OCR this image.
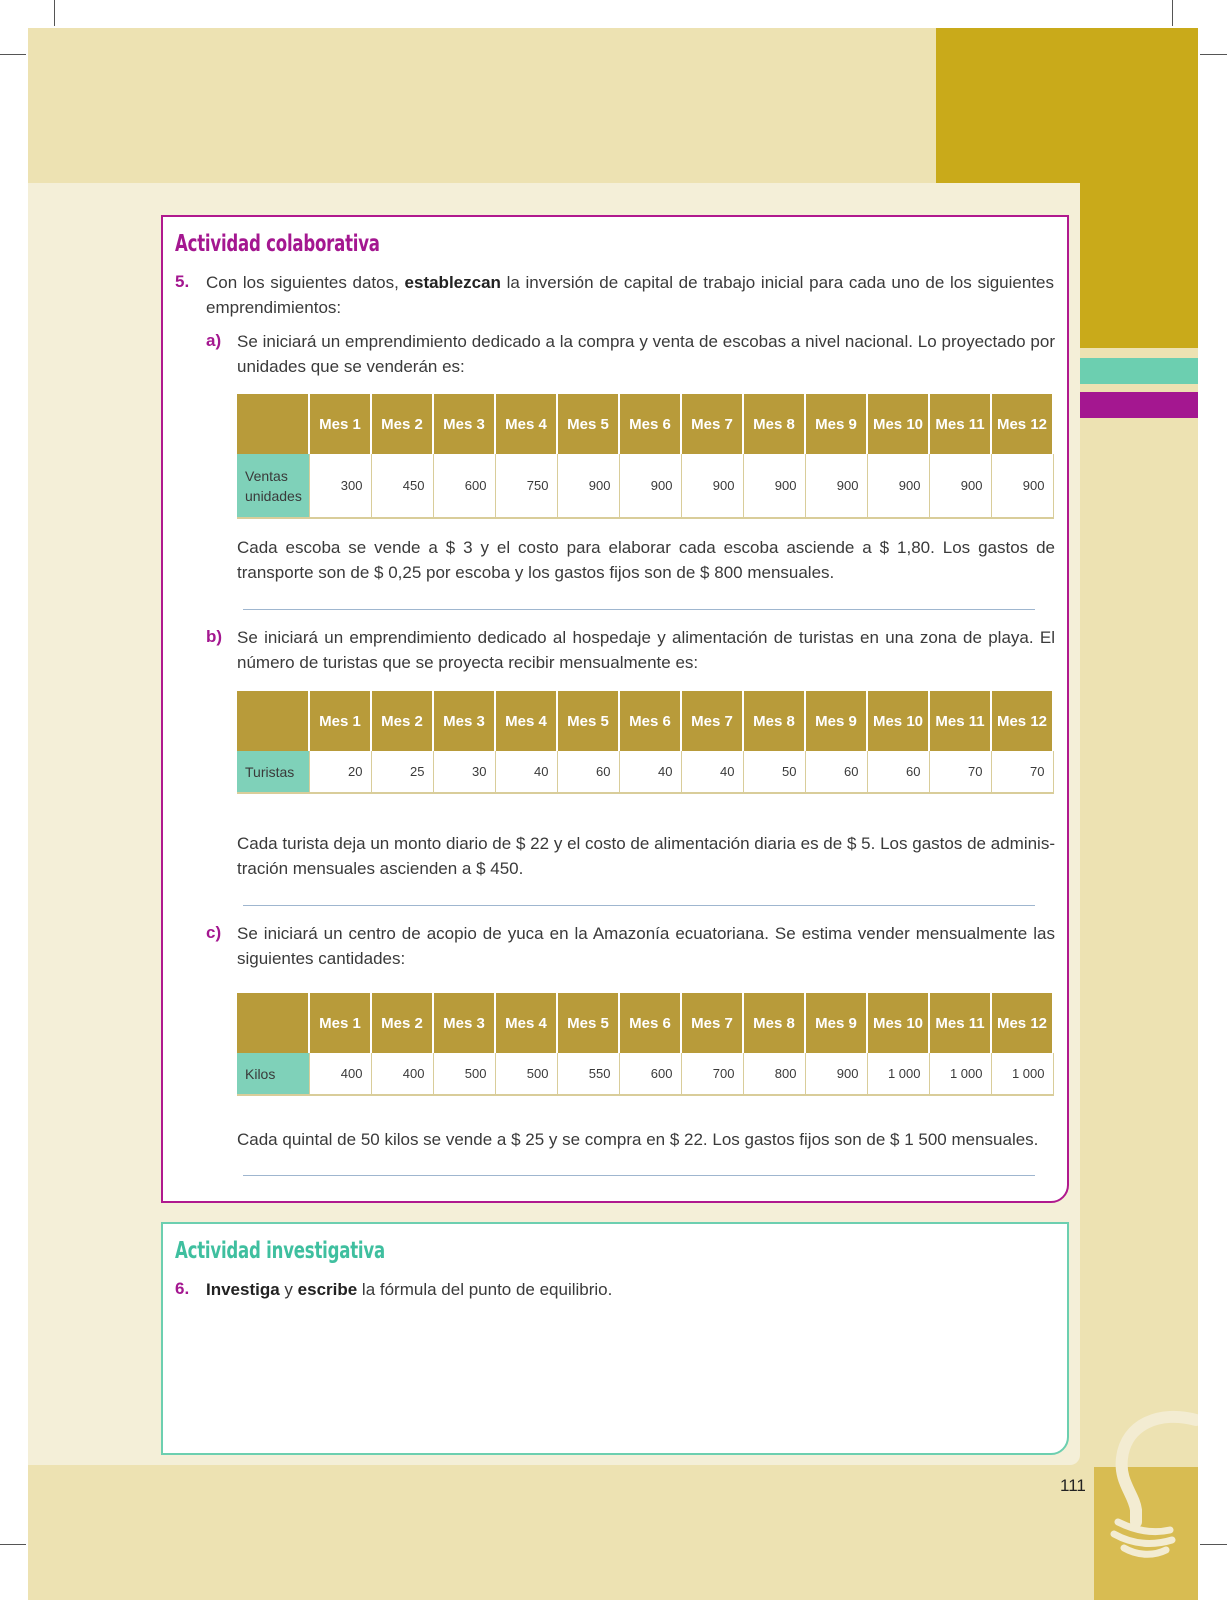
111
Actividad colaborativa
5. Con los siguientes datos, establezcan la inversión de capital de trabajo inicial para cada uno de los siguientes emprendimientos:
a) Se iniciará un emprendimiento dedicado a la compra y venta de escobas a nivel nacional. Lo proyectado por unidades que se venderán es:
	Mes 1	Mes 2	Mes 3	Mes 4	Mes 5	Mes 6	Mes 7	Mes 8	Mes 9	Mes 10	Mes 11	Mes 12
Ventas unidades	300	450	600	750	900	900	900	900	900	900	900	900
Cada escoba se vende a $ 3 y el costo para elaborar cada escoba asciende a $ 1,80. Los gastos de transporte son de $ 0,25 por escoba y los gastos fijos son de $ 800 mensuales.
b) Se iniciará un emprendimiento dedicado al hospedaje y alimentación de turistas en una zona de playa. El número de turistas que se proyecta recibir mensualmente es:
	Mes 1	Mes 2	Mes 3	Mes 4	Mes 5	Mes 6	Mes 7	Mes 8	Mes 9	Mes 10	Mes 11	Mes 12
Turistas	20	25	30	40	60	40	40	50	60	60	70	70
Cada turista deja un monto diario de $ 22 y el costo de alimentación diaria es de $ 5. Los gastos de adminis-tración mensuales ascienden a $ 450.
c) Se iniciará un centro de acopio de yuca en la Amazonía ecuatoriana. Se estima vender mensualmente las siguientes cantidades:
	Mes 1	Mes 2	Mes 3	Mes 4	Mes 5	Mes 6	Mes 7	Mes 8	Mes 9	Mes 10	Mes 11	Mes 12
Kilos	400	400	500	500	550	600	700	800	900	1 000	1 000	1 000
Cada quintal de 50 kilos se vende a $ 25 y se compra en $ 22. Los gastos fijos son de $ 1 500 mensuales.
Actividad investigativa
6. Investiga y escribe la fórmula del punto de equilibrio.
